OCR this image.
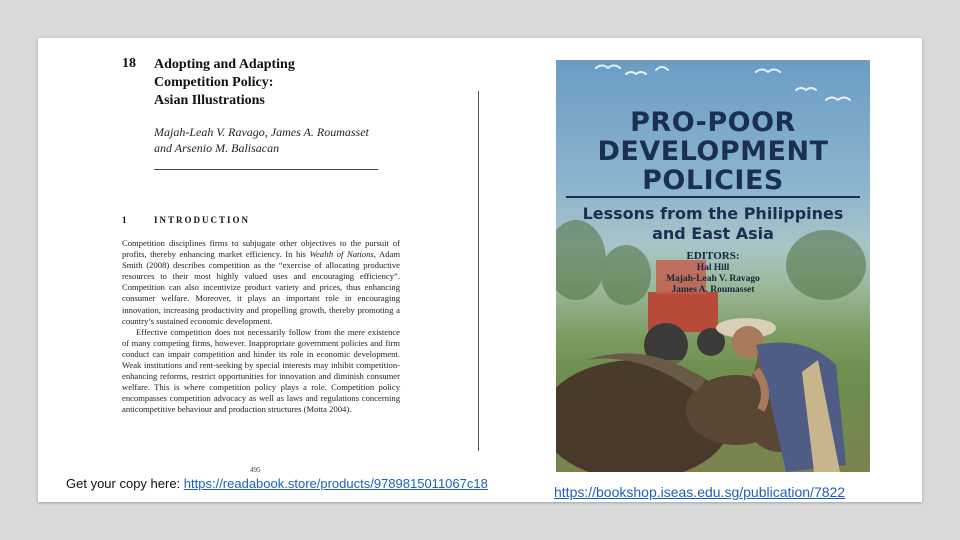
18 Adopting and Adapting
Competition Policy:
Asian Illustrations
Majah-Leah V. Ravago, James A. Roumasset
and Arsenio M. Balisacan
1	INTRODUCTION

Competition disciplines firms to subjugate other objectives to the pursuit of profits, thereby enhancing market efficiency. In his Wealth of Nations, Adam Smith (2008) describes competition as the “exercise of allocating productive resources to their most highly valued uses and encouraging efficiency”. Competition can also incentivize product variety and prices, thus enhancing consumer welfare. Moreover, it plays an important role in encouraging innovation, increasing productivity and propelling growth, thereby promoting a country’s sustained economic development.

Effective competition does not necessarily follow from the mere existence of many competing firms, however. Inappropriate government policies and firm conduct can impair competition and hinder its role in economic development. Weak institutions and rent-seeking by special interests may inhibit competition-enhancing reforms, restrict opportunities for innovation and diminish consumer welfare. This is where competition policy plays a role. Competition policy encompasses competition advocacy as well as laws and regulations concerning anticompetitive behaviour and production structures (Motta 2004).

495
PRO-POOR
DEVELOPMENT
POLICIES
Lessons from the Philippines
and East Asia
EDITORS:
Hal Hill
Majah-Leah V. Ravago
James A. Roumasset
Get your copy here: https://readabook.store/products/9789815011067c18
https://bookshop.iseas.edu.sg/publication/7822
